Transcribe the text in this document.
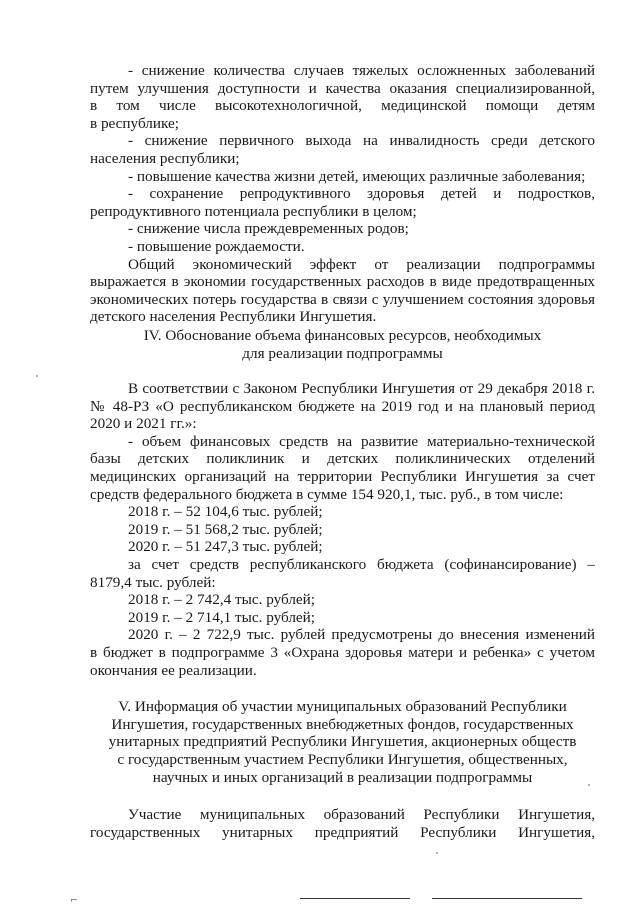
- снижение количества случаев тяжелых осложненных заболеваний
путем улучшения доступности и качества оказания специализированной,
в том числе высокотехнологичной, медицинской помощи детям
в республике;
- снижение первичного выхода на инвалидность среди детского
населения республики;
- повышение качества жизни детей, имеющих различные заболевания;
- сохранение репродуктивного здоровья детей и подростков,
репродуктивного потенциала республики в целом;
- снижение числа преждевременных родов;
- повышение рождаемости.
Общий экономический эффект от реализации подпрограммы
выражается в экономии государственных расходов в виде предотвращенных
экономических потерь государства в связи с улучшением состояния здоровья
детского населения Республики Ингушетия.
IV. Обоснование объема финансовых ресурсов, необходимых
для реализации подпрограммы
В соответствии с Законом Республики Ингушетия от 29 декабря 2018 г.
№ 48-РЗ «О республиканском бюджете на 2019 год и на плановый период
2020 и 2021 гг.»:
- объем финансовых средств на развитие материально-технической
базы детских поликлиник и детских поликлинических отделений
медицинских организаций на территории Республики Ингушетия за счет
средств федерального бюджета в сумме 154 920,1, тыс. руб., в том числе:
2018 г. – 52 104,6 тыс. рублей;
2019 г. – 51 568,2 тыс. рублей;
2020 г. – 51 247,3 тыс. рублей;
за счет средств республиканского бюджета (софинансирование) –
8179,4 тыс. рублей:
2018 г. – 2 742,4 тыс. рублей;
2019 г. – 2 714,1 тыс. рублей;
2020 г. – 2 722,9 тыс. рублей предусмотрены до внесения изменений
в бюджет в подпрограмме 3 «Охрана здоровья матери и ребенка» с учетом
окончания ее реализации.
V. Информация об участии муниципальных образований Республики
Ингушетия, государственных внебюджетных фондов, государственных
унитарных предприятий Республики Ингушетия, акционерных обществ
с государственным участием Республики Ингушетия, общественных,
научных и иных организаций в реализации подпрограммы
Участие муниципальных образований Республики Ингушетия,
государственных унитарных предприятий Республики Ингушетия,
⌐
